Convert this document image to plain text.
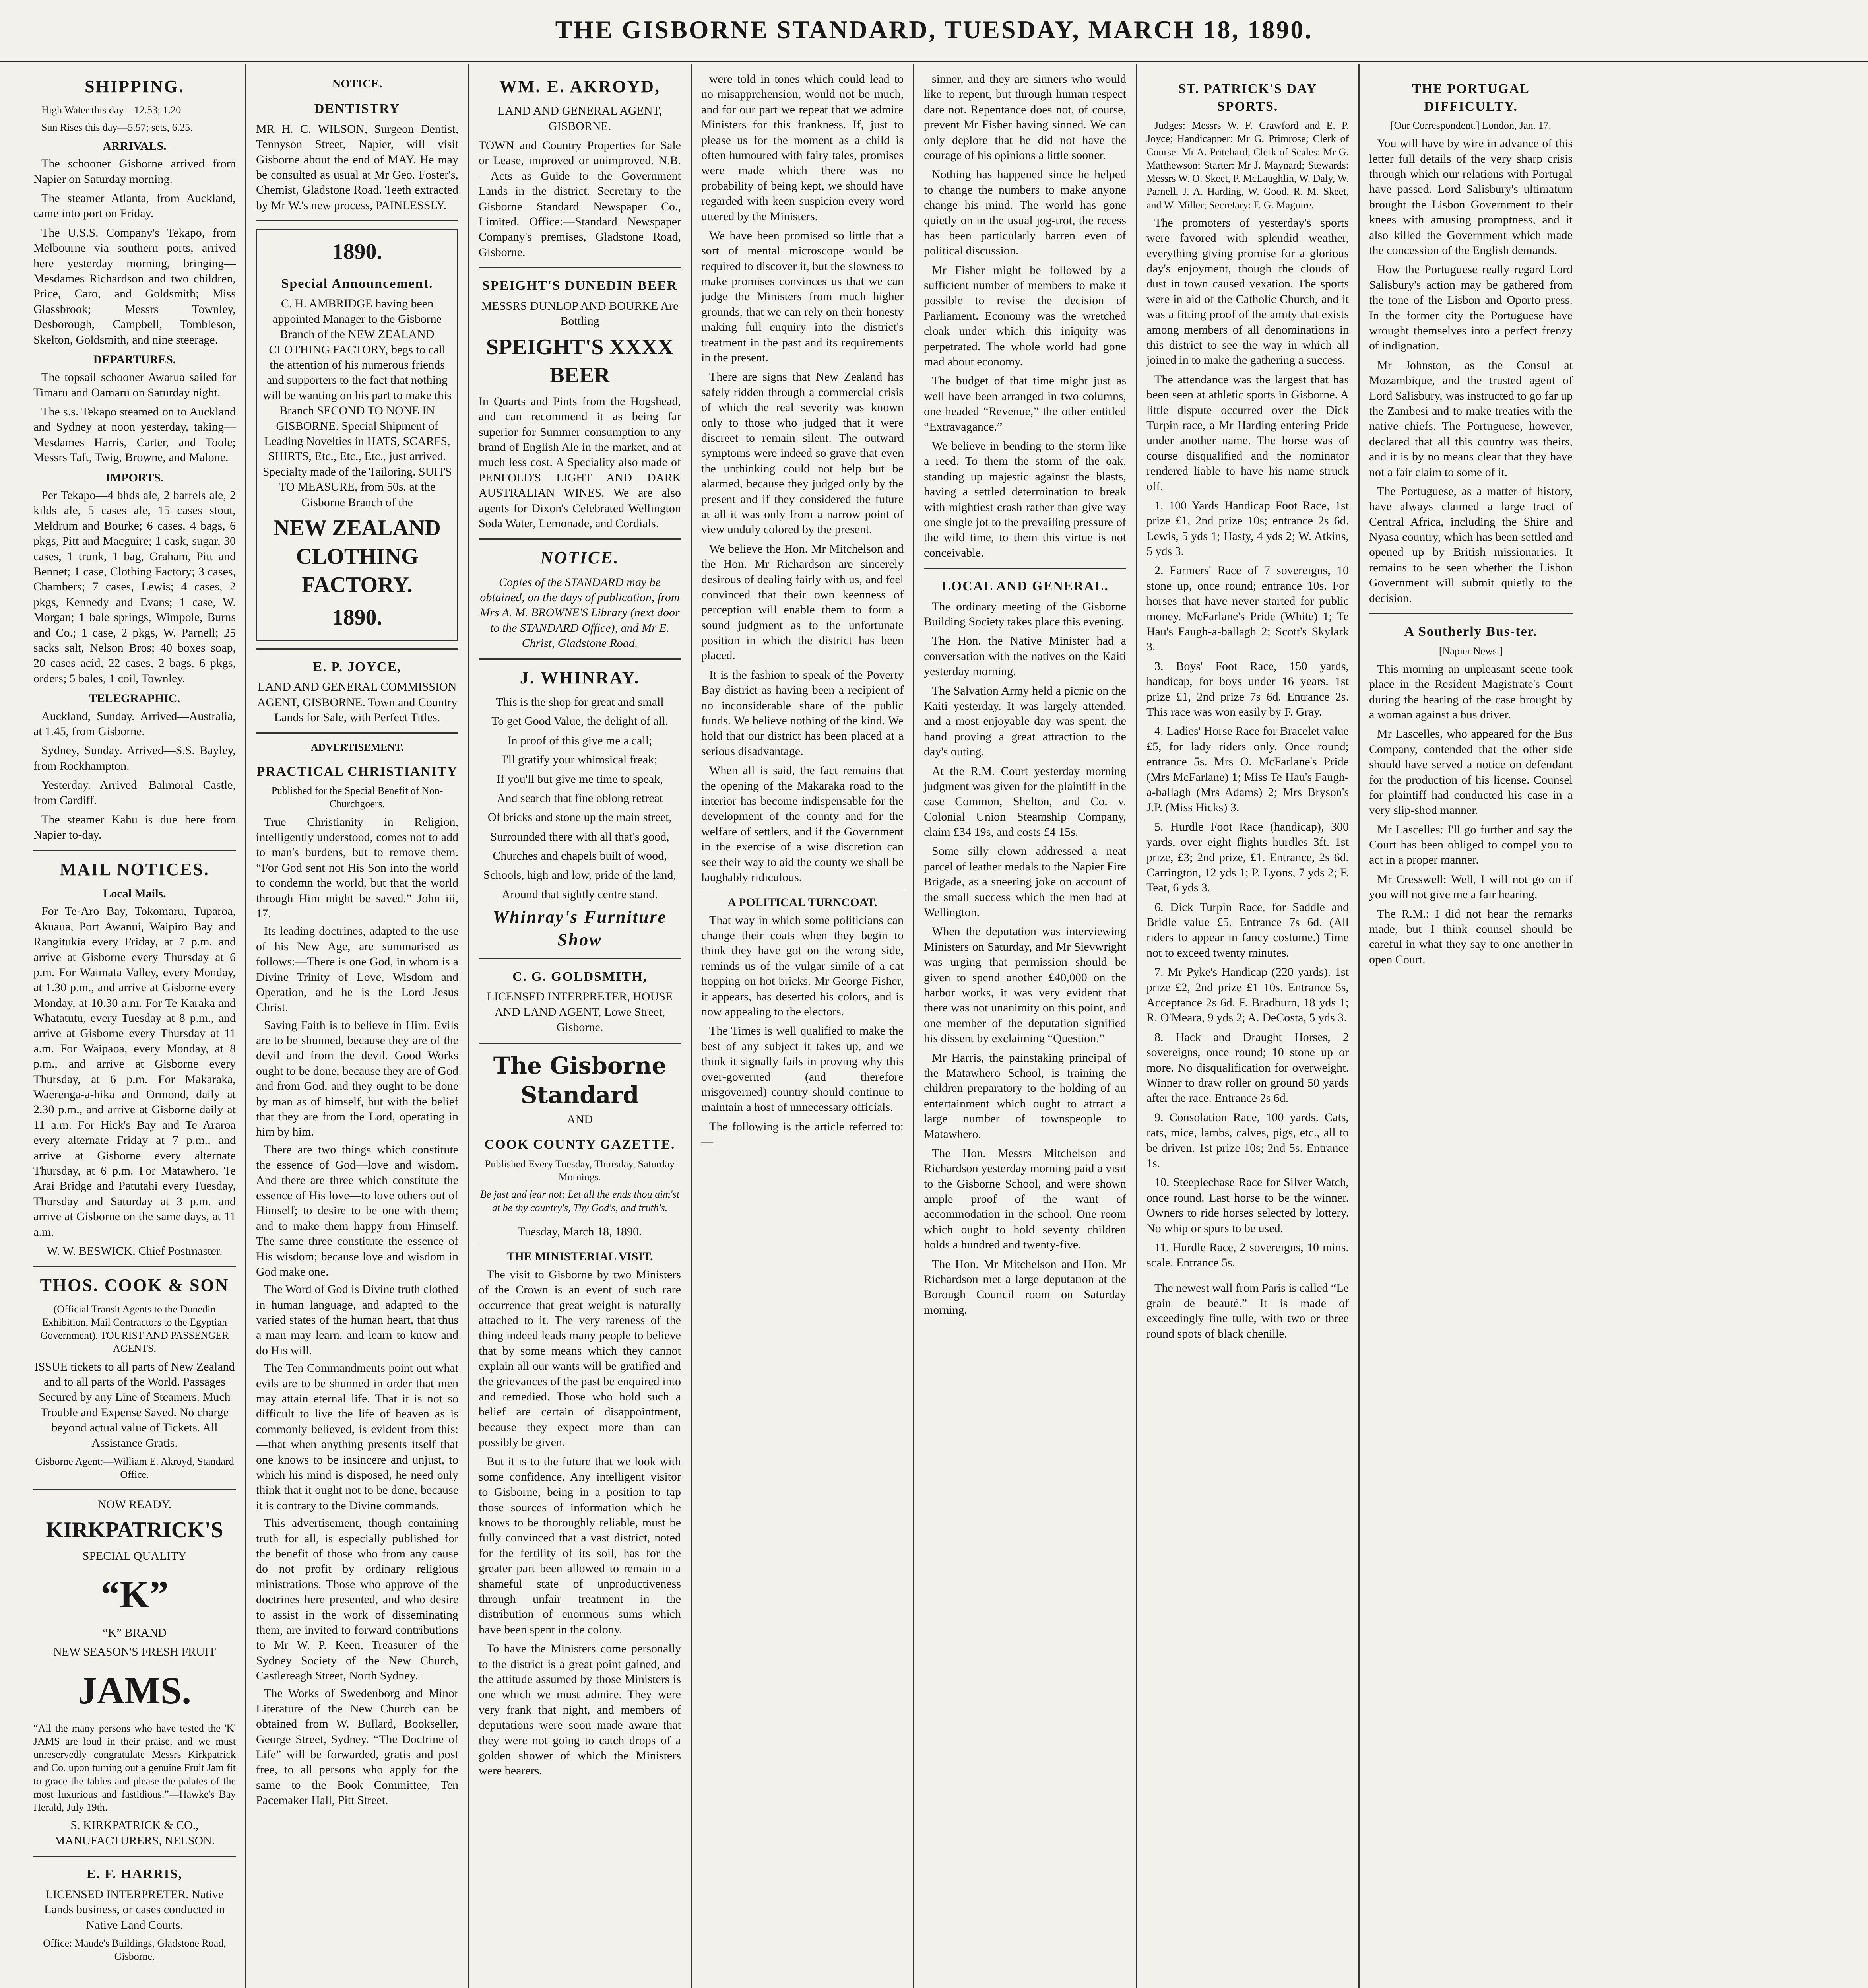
THE GISBORNE STANDARD, TUESDAY, MARCH 18, 1890.
SHIPPING.

High Water this day—12.53; 1.20

Sun Rises this day—5.57; sets, 6.25.

ARRIVALS.

The schooner Gisborne arrived from Napier on Saturday morning.

The steamer Atlanta, from Auckland, came into port on Friday.

The U.S.S. Company's Tekapo, from Melbourne via southern ports, arrived here yesterday morning, bringing—Mesdames Richardson and two children, Price, Caro, and Goldsmith; Miss Glassbrook; Messrs Townley, Desborough, Campbell, Tombleson, Skelton, Goldsmith, and nine steerage.

DEPARTURES.

The topsail schooner Awarua sailed for Timaru and Oamaru on Saturday night.

The s.s. Tekapo steamed on to Auckland and Sydney at noon yesterday, taking—Mesdames Harris, Carter, and Toole; Messrs Taft, Twig, Browne, and Malone.

IMPORTS.

Per Tekapo—4 bhds ale, 2 barrels ale, 2 kilds ale, 5 cases ale, 15 cases stout, Meldrum and Bourke; 6 cases, 4 bags, 6 pkgs, Pitt and Macguire; 1 cask, sugar, 30 cases, 1 trunk, 1 bag, Graham, Pitt and Bennet; 1 case, Clothing Factory; 3 cases, Chambers; 7 cases, Lewis; 4 cases, 2 pkgs, Kennedy and Evans; 1 case, W. Morgan; 1 bale springs, Wimpole, Burns and Co.; 1 case, 2 pkgs, W. Parnell; 25 sacks salt, Nelson Bros; 40 boxes soap, 20 cases acid, 22 cases, 2 bags, 6 pkgs, orders; 5 bales, 1 coil, Townley.

TELEGRAPHIC.

Auckland, Sunday. Arrived—Australia, at 1.45, from Gisborne.

Sydney, Sunday. Arrived—S.S. Bayley, from Rockhampton.

Yesterday. Arrived—Balmoral Castle, from Cardiff.

The steamer Kahu is due here from Napier to-day.

MAIL NOTICES.
Local Mails.

For Te-Aro Bay, Tokomaru, Tuparoa, Akuaua, Port Awanui, Waipiro Bay and Rangitukia every Friday, at 7 p.m. and arrive at Gisborne every Thursday at 6 p.m. For Waimata Valley, every Monday, at 1.30 p.m., and arrive at Gisborne every Monday, at 10.30 a.m. For Te Karaka and Whatatutu, every Tuesday at 8 p.m., and arrive at Gisborne every Thursday at 11 a.m. For Waipaoa, every Monday, at 8 p.m., and arrive at Gisborne every Thursday, at 6 p.m. For Makaraka, Waerenga-a-hika and Ormond, daily at 2.30 p.m., and arrive at Gisborne daily at 11 a.m. For Hick's Bay and Te Araroa every alternate Friday at 7 p.m., and arrive at Gisborne every alternate Thursday, at 6 p.m. For Matawhero, Te Arai Bridge and Patutahi every Tuesday, Thursday and Saturday at 3 p.m. and arrive at Gisborne on the same days, at 11 a.m.

W. W. BESWICK, Chief Postmaster.

THOS. COOK & SON

(Official Transit Agents to the Dunedin Exhibition, Mail Contractors to the Egyptian Government), TOURIST AND PASSENGER AGENTS,

ISSUE tickets to all parts of New Zealand and to all parts of the World. Passages Secured by any Line of Steamers. Much Trouble and Expense Saved. No charge beyond actual value of Tickets. All Assistance Gratis.

Gisborne Agent:—William E. Akroyd, Standard Office.

NOW READY.

KIRKPATRICK'S

SPECIAL QUALITY

“K”

“K” BRAND

NEW SEASON'S FRESH FRUIT

JAMS.

“All the many persons who have tested the 'K' JAMS are loud in their praise, and we must unreservedly congratulate Messrs Kirkpatrick and Co. upon turning out a genuine Fruit Jam fit to grace the tables and please the palates of the most luxurious and fastidious.”—Hawke's Bay Herald, July 19th.

S. KIRKPATRICK & CO., MANUFACTURERS, NELSON.

E. F. HARRIS,

LICENSED INTERPRETER. Native Lands business, or cases conducted in Native Land Courts.

Office: Maude's Buildings, Gladstone Road, Gisborne.

NOTICE.
DENTISTRY

MR H. C. WILSON, Surgeon Dentist, Tennyson Street, Napier, will visit Gisborne about the end of MAY. He may be consulted as usual at Mr Geo. Foster's, Chemist, Gladstone Road. Teeth extracted by Mr W.'s new process, PAINLESSLY.

1890.
Special Announcement.

C. H. AMBRIDGE having been appointed Manager to the Gisborne Branch of the NEW ZEALAND CLOTHING FACTORY, begs to call the attention of his numerous friends and supporters to the fact that nothing will be wanting on his part to make this Branch SECOND TO NONE IN GISBORNE. Special Shipment of Leading Novelties in HATS, SCARFS, SHIRTS, Etc., Etc., Etc., just arrived. Specialty made of the Tailoring. SUITS TO MEASURE, from 50s. at the Gisborne Branch of the

NEW ZEALAND CLOTHING FACTORY.
1890.
E. P. JOYCE,

LAND AND GENERAL COMMISSION AGENT, GISBORNE. Town and Country Lands for Sale, with Perfect Titles.

ADVERTISEMENT.
PRACTICAL CHRISTIANITY

Published for the Special Benefit of Non-Churchgoers.

True Christianity in Religion, intelligently understood, comes not to add to man's burdens, but to remove them. “For God sent not His Son into the world to condemn the world, but that the world through Him might be saved.” John iii, 17.

Its leading doctrines, adapted to the use of his New Age, are summarised as follows:—There is one God, in whom is a Divine Trinity of Love, Wisdom and Operation, and he is the Lord Jesus Christ.

Saving Faith is to believe in Him. Evils are to be shunned, because they are of the devil and from the devil. Good Works ought to be done, because they are of God and from God, and they ought to be done by man as of himself, but with the belief that they are from the Lord, operating in him by him.

There are two things which constitute the essence of God—love and wisdom. And there are three which constitute the essence of His love—to love others out of Himself; to desire to be one with them; and to make them happy from Himself. The same three constitute the essence of His wisdom; because love and wisdom in God make one.

The Word of God is Divine truth clothed in human language, and adapted to the varied states of the human heart, that thus a man may learn, and learn to know and do His will.

The Ten Commandments point out what evils are to be shunned in order that men may attain eternal life. That it is not so difficult to live the life of heaven as is commonly believed, is evident from this:—that when anything presents itself that one knows to be insincere and unjust, to which his mind is disposed, he need only think that it ought not to be done, because it is contrary to the Divine commands.

This advertisement, though containing truth for all, is especially published for the benefit of those who from any cause do not profit by ordinary religious ministrations. Those who approve of the doctrines here presented, and who desire to assist in the work of disseminating them, are invited to forward contributions to Mr W. P. Keen, Treasurer of the Sydney Society of the New Church, Castlereagh Street, North Sydney.

The Works of Swedenborg and Minor Literature of the New Church can be obtained from W. Bullard, Bookseller, George Street, Sydney. “The Doctrine of Life” will be forwarded, gratis and post free, to all persons who apply for the same to the Book Committee, Ten Pacemaker Hall, Pitt Street.

WM. E. AKROYD,

LAND AND GENERAL AGENT, GISBORNE.

TOWN and Country Properties for Sale or Lease, improved or unimproved. N.B.—Acts as Guide to the Government Lands in the district. Secretary to the Gisborne Standard Newspaper Co., Limited. Office:—Standard Newspaper Company's premises, Gladstone Road, Gisborne.

SPEIGHT'S DUNEDIN BEER

MESSRS DUNLOP AND BOURKE Are Bottling

SPEIGHT'S XXXX BEER

In Quarts and Pints from the Hogshead, and can recommend it as being far superior for Summer consumption to any brand of English Ale in the market, and at much less cost. A Speciality also made of PENFOLD'S LIGHT AND DARK AUSTRALIAN WINES. We are also agents for Dixon's Celebrated Wellington Soda Water, Lemonade, and Cordials.

NOTICE.

Copies of the STANDARD may be obtained, on the days of publication, from Mrs A. M. BROWNE'S Library (next door to the STANDARD Office), and Mr E. Christ, Gladstone Road.

J. WHINRAY.

This is the shop for great and small

To get Good Value, the delight of all.

In proof of this give me a call;

I'll gratify your whimsical freak;

If you'll but give me time to speak,

And search that fine oblong retreat

Of bricks and stone up the main street,

Surrounded there with all that's good,

Churches and chapels built of wood,

Schools, high and low, pride of the land,

Around that sightly centre stand.

Whinray's Furniture Show
C. G. GOLDSMITH,

LICENSED INTERPRETER, HOUSE AND LAND AGENT, Lowe Street, Gisborne.

The Gisborne Standard

AND

COOK COUNTY GAZETTE.

Published Every Tuesday, Thursday, Saturday Mornings.

Be just and fear not; Let all the ends thou aim'st at be thy country's, Thy God's, and truth's.

Tuesday, March 18, 1890.

THE MINISTERIAL VISIT.

The visit to Gisborne by two Ministers of the Crown is an event of such rare occurrence that great weight is naturally attached to it. The very rareness of the thing indeed leads many people to believe that by some means which they cannot explain all our wants will be gratified and the grievances of the past be enquired into and remedied. Those who hold such a belief are certain of disappointment, because they expect more than can possibly be given.

But it is to the future that we look with some confidence. Any intelligent visitor to Gisborne, being in a position to tap those sources of information which he knows to be thoroughly reliable, must be fully convinced that a vast district, noted for the fertility of its soil, has for the greater part been allowed to remain in a shameful state of unproductiveness through unfair treatment in the distribution of enormous sums which have been spent in the colony.

To have the Ministers come personally to the district is a great point gained, and the attitude assumed by those Ministers is one which we must admire. They were very frank that night, and members of deputations were soon made aware that they were not going to catch drops of a golden shower of which the Ministers were bearers.

were told in tones which could lead to no misapprehension, would not be much, and for our part we repeat that we admire Ministers for this frankness. If, just to please us for the moment as a child is often humoured with fairy tales, promises were made which there was no probability of being kept, we should have regarded with keen suspicion every word uttered by the Ministers.

We have been promised so little that a sort of mental microscope would be required to discover it, but the slowness to make promises convinces us that we can judge the Ministers from much higher grounds, that we can rely on their honesty making full enquiry into the district's treatment in the past and its requirements in the present.

There are signs that New Zealand has safely ridden through a commercial crisis of which the real severity was known only to those who judged that it were discreet to remain silent. The outward symptoms were indeed so grave that even the unthinking could not help but be alarmed, because they judged only by the present and if they considered the future at all it was only from a narrow point of view unduly colored by the present.

We believe the Hon. Mr Mitchelson and the Hon. Mr Richardson are sincerely desirous of dealing fairly with us, and feel convinced that their own keenness of perception will enable them to form a sound judgment as to the unfortunate position in which the district has been placed.

It is the fashion to speak of the Poverty Bay district as having been a recipient of no inconsiderable share of the public funds. We believe nothing of the kind. We hold that our district has been placed at a serious disadvantage.

When all is said, the fact remains that the opening of the Makaraka road to the interior has become indispensable for the development of the county and for the welfare of settlers, and if the Government in the exercise of a wise discretion can see their way to aid the county we shall be laughably ridiculous.

A POLITICAL TURNCOAT.

That way in which some politicians can change their coats when they begin to think they have got on the wrong side, reminds us of the vulgar simile of a cat hopping on hot bricks. Mr George Fisher, it appears, has deserted his colors, and is now appealing to the electors.

The Times is well qualified to make the best of any subject it takes up, and we think it signally fails in proving why this over-governed (and therefore misgoverned) country should continue to maintain a host of unnecessary officials.

The following is the article referred to:—

sinner, and they are sinners who would like to repent, but through human respect dare not. Repentance does not, of course, prevent Mr Fisher having sinned. We can only deplore that he did not have the courage of his opinions a little sooner.

Nothing has happened since he helped to change the numbers to make anyone change his mind. The world has gone quietly on in the usual jog-trot, the recess has been particularly barren even of political discussion.

Mr Fisher might be followed by a sufficient number of members to make it possible to revise the decision of Parliament. Economy was the wretched cloak under which this iniquity was perpetrated. The whole world had gone mad about economy.

The budget of that time might just as well have been arranged in two columns, one headed “Revenue,” the other entitled “Extravagance.”

We believe in bending to the storm like a reed. To them the storm of the oak, standing up majestic against the blasts, having a settled determination to break with mightiest crash rather than give way one single jot to the prevailing pressure of the wild time, to them this virtue is not conceivable.

LOCAL AND GENERAL.

The ordinary meeting of the Gisborne Building Society takes place this evening.

The Hon. the Native Minister had a conversation with the natives on the Kaiti yesterday morning.

The Salvation Army held a picnic on the Kaiti yesterday. It was largely attended, and a most enjoyable day was spent, the band proving a great attraction to the day's outing.

At the R.M. Court yesterday morning judgment was given for the plaintiff in the case Common, Shelton, and Co. v. Colonial Union Steamship Company, claim £34 19s, and costs £4 15s.

Some silly clown addressed a neat parcel of leather medals to the Napier Fire Brigade, as a sneering joke on account of the small success which the men had at Wellington.

When the deputation was interviewing Ministers on Saturday, and Mr Sievwright was urging that permission should be given to spend another £40,000 on the harbor works, it was very evident that there was not unanimity on this point, and one member of the deputation signified his dissent by exclaiming “Question.”

Mr Harris, the painstaking principal of the Matawhero School, is training the children preparatory to the holding of an entertainment which ought to attract a large number of townspeople to Matawhero.

The Hon. Messrs Mitchelson and Richardson yesterday morning paid a visit to the Gisborne School, and were shown ample proof of the want of accommodation in the school. One room which ought to hold seventy children holds a hundred and twenty-five.

The Hon. Mr Mitchelson and Hon. Mr Richardson met a large deputation at the Borough Council room on Saturday morning.

ST. PATRICK'S DAY SPORTS.

Judges: Messrs W. F. Crawford and E. P. Joyce; Handicapper: Mr G. Primrose; Clerk of Course: Mr A. Pritchard; Clerk of Scales: Mr G. Matthewson; Starter: Mr J. Maynard; Stewards: Messrs W. O. Skeet, P. McLaughlin, W. Daly, W. Parnell, J. A. Harding, W. Good, R. M. Skeet, and W. Miller; Secretary: F. G. Maguire.

The promoters of yesterday's sports were favored with splendid weather, everything giving promise for a glorious day's enjoyment, though the clouds of dust in town caused vexation. The sports were in aid of the Catholic Church, and it was a fitting proof of the amity that exists among members of all denominations in this district to see the way in which all joined in to make the gathering a success.

The attendance was the largest that has been seen at athletic sports in Gisborne. A little dispute occurred over the Dick Turpin race, a Mr Harding entering Pride under another name. The horse was of course disqualified and the nominator rendered liable to have his name struck off.

1. 100 Yards Handicap Foot Race, 1st prize £1, 2nd prize 10s; entrance 2s 6d. Lewis, 5 yds 1; Hasty, 4 yds 2; W. Atkins, 5 yds 3.

2. Farmers' Race of 7 sovereigns, 10 stone up, once round; entrance 10s. For horses that have never started for public money. McFarlane's Pride (White) 1; Te Hau's Faugh-a-ballagh 2; Scott's Skylark 3.

3. Boys' Foot Race, 150 yards, handicap, for boys under 16 years. 1st prize £1, 2nd prize 7s 6d. Entrance 2s. This race was won easily by F. Gray.

4. Ladies' Horse Race for Bracelet value £5, for lady riders only. Once round; entrance 5s. Mrs O. McFarlane's Pride (Mrs McFarlane) 1; Miss Te Hau's Faugh-a-ballagh (Mrs Adams) 2; Mrs Bryson's J.P. (Miss Hicks) 3.

5. Hurdle Foot Race (handicap), 300 yards, over eight flights hurdles 3ft. 1st prize, £3; 2nd prize, £1. Entrance, 2s 6d. Carrington, 12 yds 1; P. Lyons, 7 yds 2; F. Teat, 6 yds 3.

6. Dick Turpin Race, for Saddle and Bridle value £5. Entrance 7s 6d. (All riders to appear in fancy costume.) Time not to exceed twenty minutes.

7. Mr Pyke's Handicap (220 yards). 1st prize £2, 2nd prize £1 10s. Entrance 5s, Acceptance 2s 6d. F. Bradburn, 18 yds 1; R. O'Meara, 9 yds 2; A. DeCosta, 5 yds 3.

8. Hack and Draught Horses, 2 sovereigns, once round; 10 stone up or more. No disqualification for overweight. Winner to draw roller on ground 50 yards after the race. Entrance 2s 6d.

9. Consolation Race, 100 yards. Cats, rats, mice, lambs, calves, pigs, etc., all to be driven. 1st prize 10s; 2nd 5s. Entrance 1s.

10. Steeplechase Race for Silver Watch, once round. Last horse to be the winner. Owners to ride horses selected by lottery. No whip or spurs to be used.

11. Hurdle Race, 2 sovereigns, 10 mins. scale. Entrance 5s.

The newest wall from Paris is called “Le grain de beauté.” It is made of exceedingly fine tulle, with two or three round spots of black chenille.

THE PORTUGAL DIFFICULTY.

[Our Correspondent.] London, Jan. 17.

You will have by wire in advance of this letter full details of the very sharp crisis through which our relations with Portugal have passed. Lord Salisbury's ultimatum brought the Lisbon Government to their knees with amusing promptness, and it also killed the Government which made the concession of the English demands.

How the Portuguese really regard Lord Salisbury's action may be gathered from the tone of the Lisbon and Oporto press. In the former city the Portuguese have wrought themselves into a perfect frenzy of indignation.

Mr Johnston, as the Consul at Mozambique, and the trusted agent of Lord Salisbury, was instructed to go far up the Zambesi and to make treaties with the native chiefs. The Portuguese, however, declared that all this country was theirs, and it is by no means clear that they have not a fair claim to some of it.

The Portuguese, as a matter of history, have always claimed a large tract of Central Africa, including the Shire and Nyasa country, which has been settled and opened up by British missionaries. It remains to be seen whether the Lisbon Government will submit quietly to the decision.

A Southerly Bus-ter.

[Napier News.]

This morning an unpleasant scene took place in the Resident Magistrate's Court during the hearing of the case brought by a woman against a bus driver.

Mr Lascelles, who appeared for the Bus Company, contended that the other side should have served a notice on defendant for the production of his license. Counsel for plaintiff had conducted his case in a very slip-shod manner.

Mr Lascelles: I'll go further and say the Court has been obliged to compel you to act in a proper manner.

Mr Cresswell: Well, I will not go on if you will not give me a fair hearing.

The R.M.: I did not hear the remarks made, but I think counsel should be careful in what they say to one another in open Court.
